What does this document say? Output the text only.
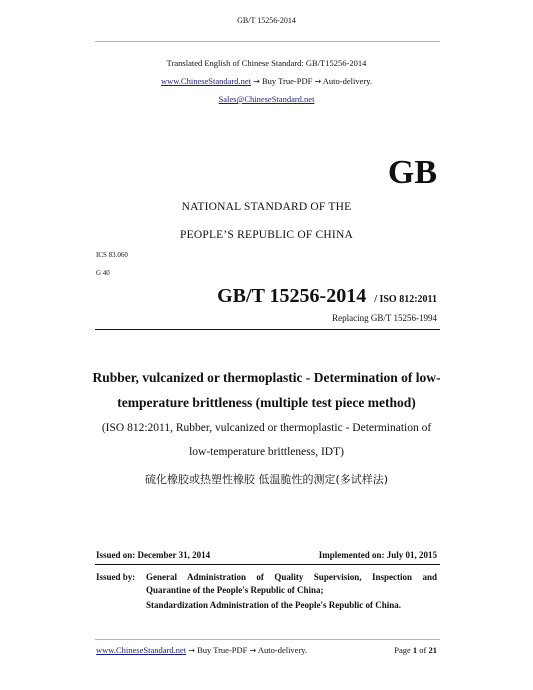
GB/T 15256-2014
Translated English of Chinese Standard: GB/T15256-2014
www.ChineseStandard.net → Buy True-PDF → Auto-delivery.
Sales@ChineseStandard.net
GB
NATIONAL STANDARD OF THE
PEOPLE’S REPUBLIC OF CHINA
ICS 83.060
G 40
GB/T 15256-2014 / ISO 812:2011
Replacing GB/T 15256-1994
Rubber, vulcanized or thermoplastic - Determination of low-
temperature brittleness (multiple test piece method)
(ISO 812:2011, Rubber, vulcanized or thermoplastic - Determination of
low-temperature brittleness, IDT)
硫化橡胶或热塑性橡胶 低温脆性的测定(多试样法)
Issued on: December 31, 2014	Implemented on: July 01, 2015
Issued by: General Administration of Quality Supervision, Inspection and
Quarantine of the People's Republic of China;
Standardization Administration of the People's Republic of China.
www.ChineseStandard.net → Buy True-PDF → Auto-delivery.	Page 1 of 21
